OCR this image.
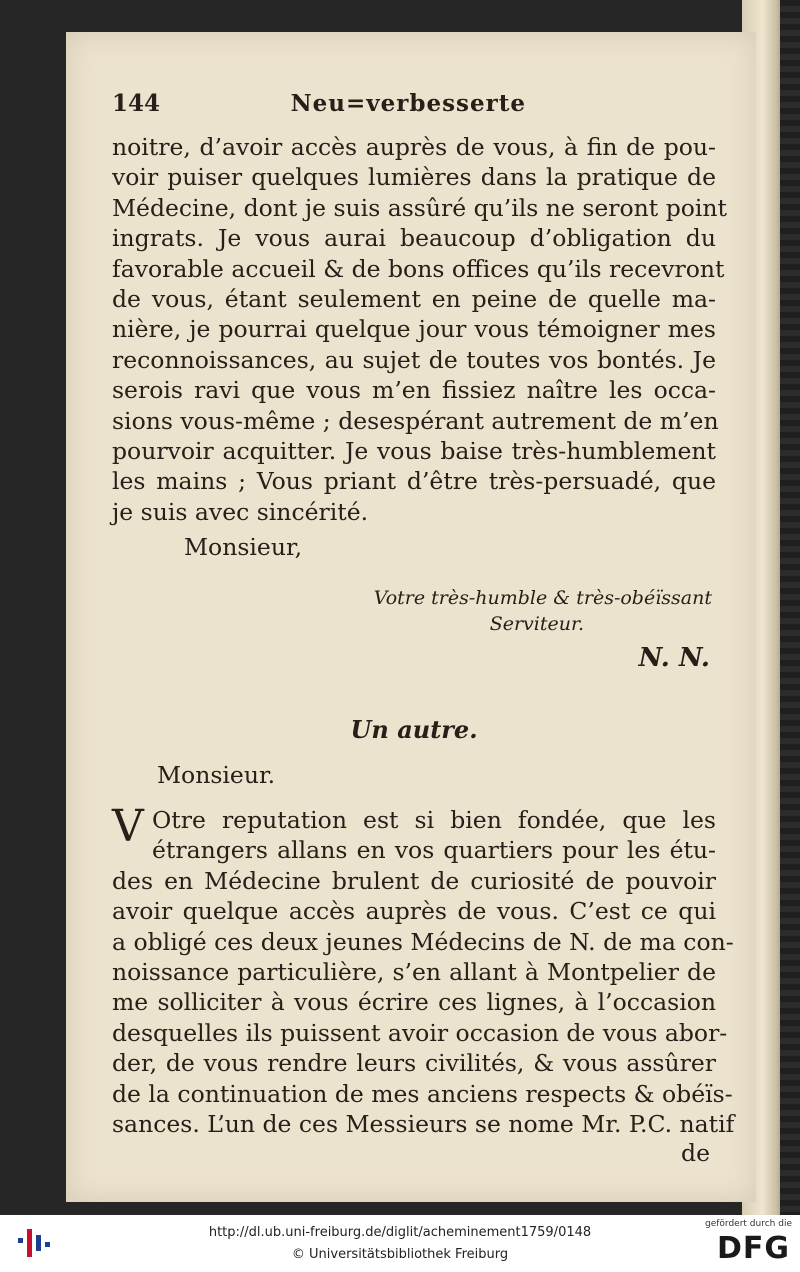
144	Neu=verbesserte
noitre, d’avoir accès auprès de vous, à fin de pou-
voir puiser quelques lumières dans la pratique de
Médecine, dont je suis assûré qu’ils ne seront point
ingrats. Je vous aurai beaucoup d’obligation du
favorable accueil & de bons offices qu’ils recevront
de vous, étant seulement en peine de quelle ma-
nière, je pourrai quelque jour vous témoigner mes
reconnoissances, au sujet de toutes vos bontés. Je
serois ravi que vous m’en fissiez naître les occa-
sions vous-même ; desespérant autrement de m’en
pourvoir acquitter. Je vous baise très-humblement
les mains ; Vous priant d’être très-persuadé, que
je suis avec sincérité.
Monsieur,
Votre très-humble & très-obéïssant
Serviteur.
N. N.
Un autre.
Monsieur.
V Otre reputation est si bien fondée, que les
étrangers allans en vos quartiers pour les étu-
des en Médecine brulent de curiosité de pouvoir
avoir quelque accès auprès de vous. C’est ce qui
a obligé ces deux jeunes Médecins de N. de ma con-
noissance particulière, s’en allant à Montpelier de
me solliciter à vous écrire ces lignes, à l’occasion
desquelles ils puissent avoir occasion de vous abor-
der, de vous rendre leurs civilités, & vous assûrer
de la continuation de mes anciens respects & obéïs-
sances. L’un de ces Messieurs se nome Mr. P.C. natif
de
http://dl.ub.uni-freiburg.de/diglit/acheminement1759/0148
© Universitätsbibliothek Freiburg
gefördert durch die
DFG
